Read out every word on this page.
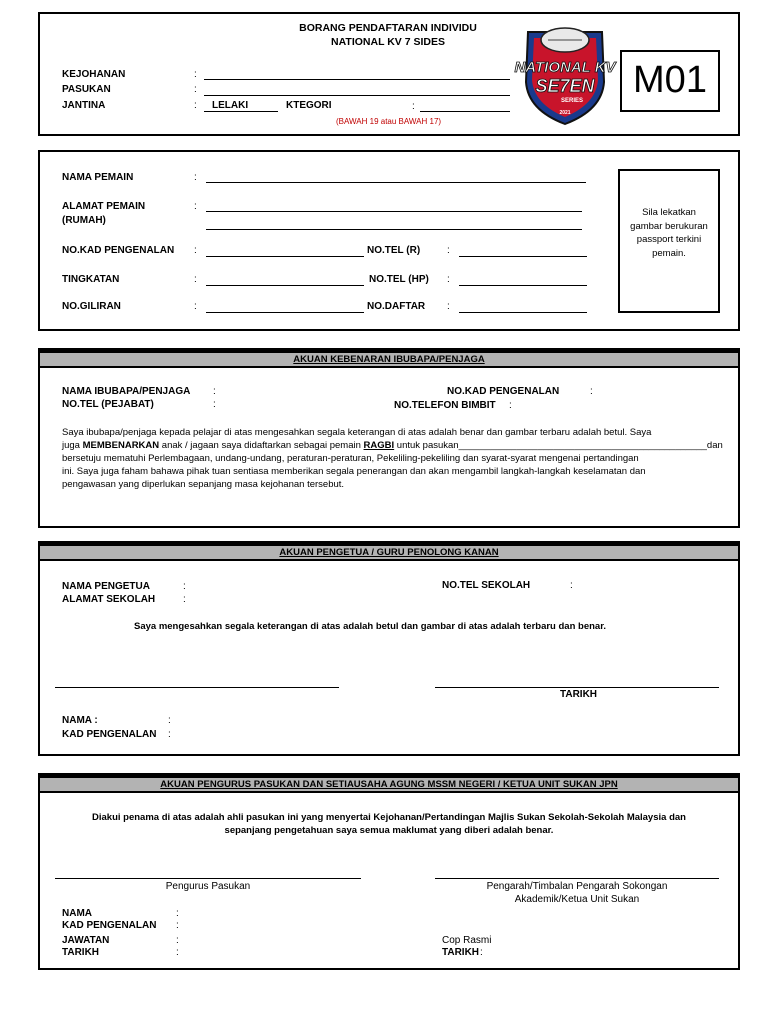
BORANG PENDAFTARAN INDIVIDU
NATIONAL KV 7 SIDES
NATIONAL KV
SE7EN
SERIES
2021
M01
KEJOHANAN	:
PASUKAN	:
JANTINA	: LELAKI	KTEGORI	:
(BAWAH 19 atau BAWAH 17)
NAMA PEMAIN	:
ALAMAT PEMAIN
(RUMAH)
:
NO.KAD PENGENALAN :	NO.TEL (R)	:
TINGKATAN	:	NO.TEL (HP) :
NO.GILIRAN	:	NO.DAFTAR :
Sila lekatkan gambar berukuran passport terkini pemain.
AKUAN KEBENARAN IBUBAPA/PENJAGA
NAMA IBUBAPA/PENJAGA :	NO.KAD PENGENALAN	:
NO.TEL (PEJABAT)	:	NO.TELEFON BIMBIT :
Saya ibubapa/penjaga kepada pelajar di atas mengesahkan segala keterangan di atas adalah benar dan gambar terbaru adalah betul. Saya
juga MEMBENARKAN anak / jagaan saya didaftarkan sebagai pemain RAGBI untuk pasukan_______________________________________________dan
bersetuju mematuhi Perlembagaan, undang-undang, peraturan-peraturan, Pekeliling-pekeliling dan syarat-syarat mengenai pertandingan
ini. Saya juga faham bahawa pihak tuan sentiasa memberikan segala penerangan dan akan mengambil langkah-langkah keselamatan dan
pengawasan yang diperlukan sepanjang masa kejohanan tersebut.
AKUAN PENGETUA / GURU PENOLONG KANAN
NAMA PENGETUA	:	NO.TEL SEKOLAH	:
ALAMAT SEKOLAH	:
Saya mengesahkan segala keterangan di atas adalah betul dan gambar di atas adalah terbaru dan benar.
TARIKH
NAMA :	:
KAD PENGENALAN :
AKUAN PENGURUS PASUKAN DAN SETIAUSAHA AGUNG MSSM NEGERI / KETUA UNIT SUKAN JPN
Diakui penama di atas adalah ahli pasukan ini yang menyertai Kejohanan/Pertandingan Majlis Sukan Sekolah-Sekolah Malaysia dan
sepanjang pengetahuan saya semua maklumat yang diberi adalah benar.
Pengurus Pasukan	Pengarah/Timbalan Pengarah Sokongan
Akademik/Ketua Unit Sukan
NAMA	:
KAD PENGENALAN :
JAWATAN	:
TARIKH	:
Cop Rasmi
TARIKH :
